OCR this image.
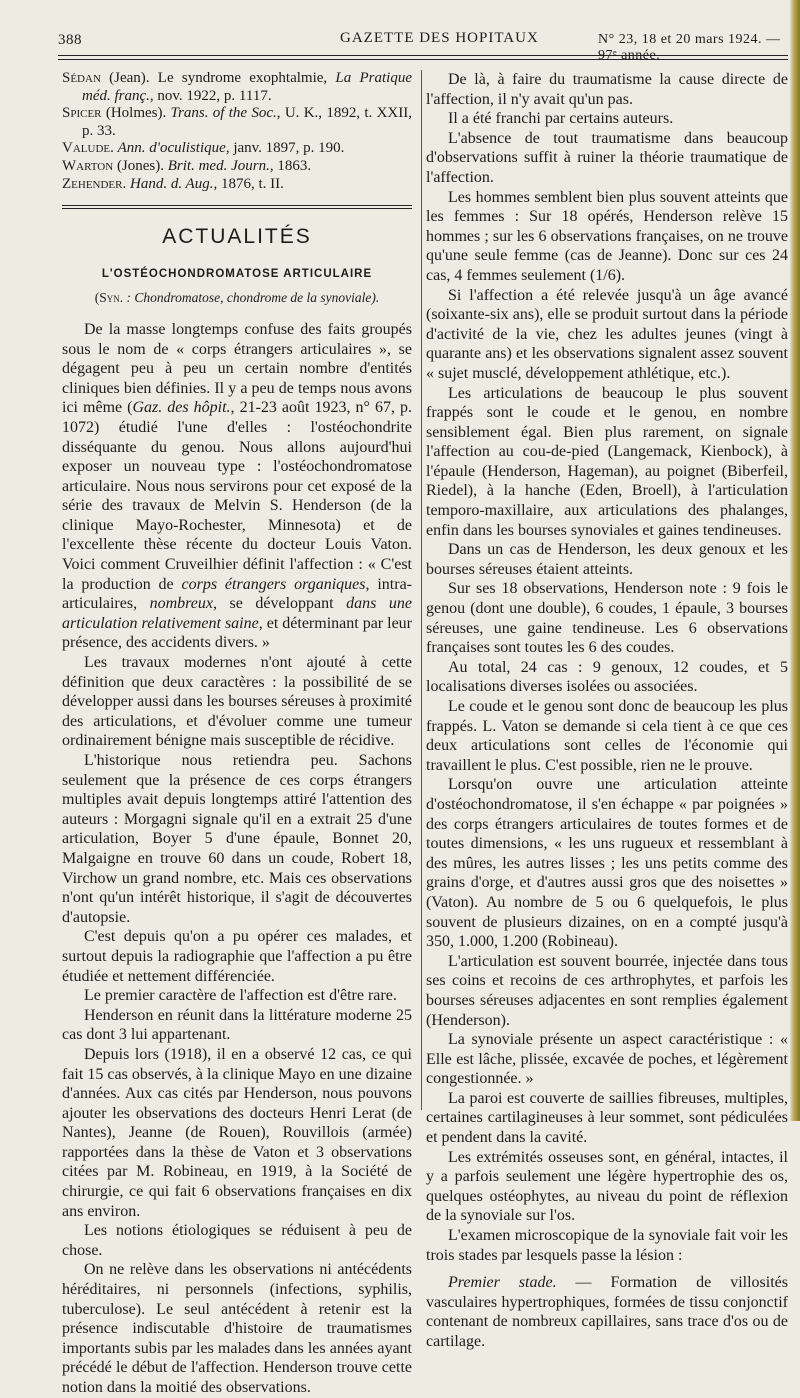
388	GAZETTE DES HOPITAUX	N° 23, 18 et 20 mars 1924. — 97ᵉ année.

Sédan (Jean). Le syndrome exophtalmie, La Pratique méd. franç., nov. 1922, p. 1117.

Spicer (Holmes). Trans. of the Soc., U. K., 1892, t. XXII, p. 33.

Valude. Ann. d'oculistique, janv. 1897, p. 190.

Warton (Jones). Brit. med. Journ., 1863.

Zehender. Hand. d. Aug., 1876, t. II.

ACTUALITÉS
L'OSTÉOCHONDROMATOSE ARTICULAIRE
(Syn. : Chondromatose, chondrome de la synoviale).

De la masse longtemps confuse des faits groupés sous le nom de « corps étrangers articulaires », se dégagent peu à peu un certain nombre d'entités cliniques bien définies. Il y a peu de temps nous avons ici même (Gaz. des hôpit., 21-23 août 1923, n° 67, p. 1072) étudié l'une d'elles : l'ostéochondrite disséquante du genou. Nous allons aujourd'hui exposer un nouveau type : l'ostéochondromatose articulaire. Nous nous servirons pour cet exposé de la série des travaux de Melvin S. Henderson (de la clinique Mayo-Rochester, Minnesota) et de l'excellente thèse récente du docteur Louis Vaton. Voici comment Cruveilhier définit l'affection : « C'est la production de corps étrangers organiques, intra-articulaires, nombreux, se développant dans une articulation relativement saine, et déterminant par leur présence, des accidents divers. »

Les travaux modernes n'ont ajouté à cette définition que deux caractères : la possibilité de se développer aussi dans les bourses séreuses à proximité des articulations, et d'évoluer comme une tumeur ordinairement bénigne mais susceptible de récidive.

L'historique nous retiendra peu. Sachons seulement que la présence de ces corps étrangers multiples avait depuis longtemps attiré l'attention des auteurs : Morgagni signale qu'il en a extrait 25 d'une articulation, Boyer 5 d'une épaule, Bonnet 20, Malgaigne en trouve 60 dans un coude, Robert 18, Virchow un grand nombre, etc. Mais ces observations n'ont qu'un intérêt historique, il s'agit de découvertes d'autopsie.

C'est depuis qu'on a pu opérer ces malades, et surtout depuis la radiographie que l'affection a pu être étudiée et nettement différenciée.

Le premier caractère de l'affection est d'être rare.

Henderson en réunit dans la littérature moderne 25 cas dont 3 lui appartenant.

Depuis lors (1918), il en a observé 12 cas, ce qui fait 15 cas observés, à la clinique Mayo en une dizaine d'années. Aux cas cités par Henderson, nous pouvons ajouter les observations des docteurs Henri Lerat (de Nantes), Jeanne (de Rouen), Rouvillois (armée) rapportées dans la thèse de Vaton et 3 observations citées par M. Robineau, en 1919, à la Société de chirurgie, ce qui fait 6 observations françaises en dix ans environ.

Les notions étiologiques se réduisent à peu de chose.

On ne relève dans les observations ni antécédents héréditaires, ni personnels (infections, syphilis, tuberculose). Le seul antécédent à retenir est la présence indiscutable d'histoire de traumatismes importants subis par les malades dans les années ayant précédé le début de l'affection. Henderson trouve cette notion dans la moitié des observations.

De là, à faire du traumatisme la cause directe de l'affection, il n'y avait qu'un pas.

Il a été franchi par certains auteurs.

L'absence de tout traumatisme dans beaucoup d'observations suffit à ruiner la théorie traumatique de l'affection.

Les hommes semblent bien plus souvent atteints que les femmes : Sur 18 opérés, Henderson relève 15 hommes ; sur les 6 observations françaises, on ne trouve qu'une seule femme (cas de Jeanne). Donc sur ces 24 cas, 4 femmes seulement (1/6).

Si l'affection a été relevée jusqu'à un âge avancé (soixante-six ans), elle se produit surtout dans la période d'activité de la vie, chez les adultes jeunes (vingt à quarante ans) et les observations signalent assez souvent « sujet musclé, développement athlétique, etc.).

Les articulations de beaucoup le plus souvent frappés sont le coude et le genou, en nombre sensiblement égal. Bien plus rarement, on signale l'affection au cou-de-pied (Langemack, Kienbock), à l'épaule (Henderson, Hageman), au poignet (Biberfeil, Riedel), à la hanche (Eden, Broell), à l'articulation temporo-maxillaire, aux articulations des phalanges, enfin dans les bourses synoviales et gaines tendineuses.

Dans un cas de Henderson, les deux genoux et les bourses séreuses étaient atteints.

Sur ses 18 observations, Henderson note : 9 fois le genou (dont une double), 6 coudes, 1 épaule, 3 bourses séreuses, une gaine tendineuse. Les 6 observations françaises sont toutes les 6 des coudes.

Au total, 24 cas : 9 genoux, 12 coudes, et 5 localisations diverses isolées ou associées.

Le coude et le genou sont donc de beaucoup les plus frappés. L. Vaton se demande si cela tient à ce que ces deux articulations sont celles de l'économie qui travaillent le plus. C'est possible, rien ne le prouve.

Lorsqu'on ouvre une articulation atteinte d'ostéochondromatose, il s'en échappe « par poignées » des corps étrangers articulaires de toutes formes et de toutes dimensions, « les uns rugueux et ressemblant à des mûres, les autres lisses ; les uns petits comme des grains d'orge, et d'autres aussi gros que des noisettes » (Vaton). Au nombre de 5 ou 6 quelquefois, le plus souvent de plusieurs dizaines, on en a compté jusqu'à 350, 1.000, 1.200 (Robineau).

L'articulation est souvent bourrée, injectée dans tous ses coins et recoins de ces arthrophytes, et parfois les bourses séreuses adjacentes en sont remplies également (Henderson).

La synoviale présente un aspect caractéristique : « Elle est lâche, plissée, excavée de poches, et légèrement congestionnée. »

La paroi est couverte de saillies fibreuses, multiples, certaines cartilagineuses à leur sommet, sont pédiculées et pendent dans la cavité.

Les extrémités osseuses sont, en général, intactes, il y a parfois seulement une légère hypertrophie des os, quelques ostéophytes, au niveau du point de réflexion de la synoviale sur l'os.

L'examen microscopique de la synoviale fait voir les trois stades par lesquels passe la lésion :

Premier stade. — Formation de villosités vasculaires hypertrophiques, formées de tissu conjonctif contenant de nombreux capillaires, sans trace d'os ou de cartilage.
